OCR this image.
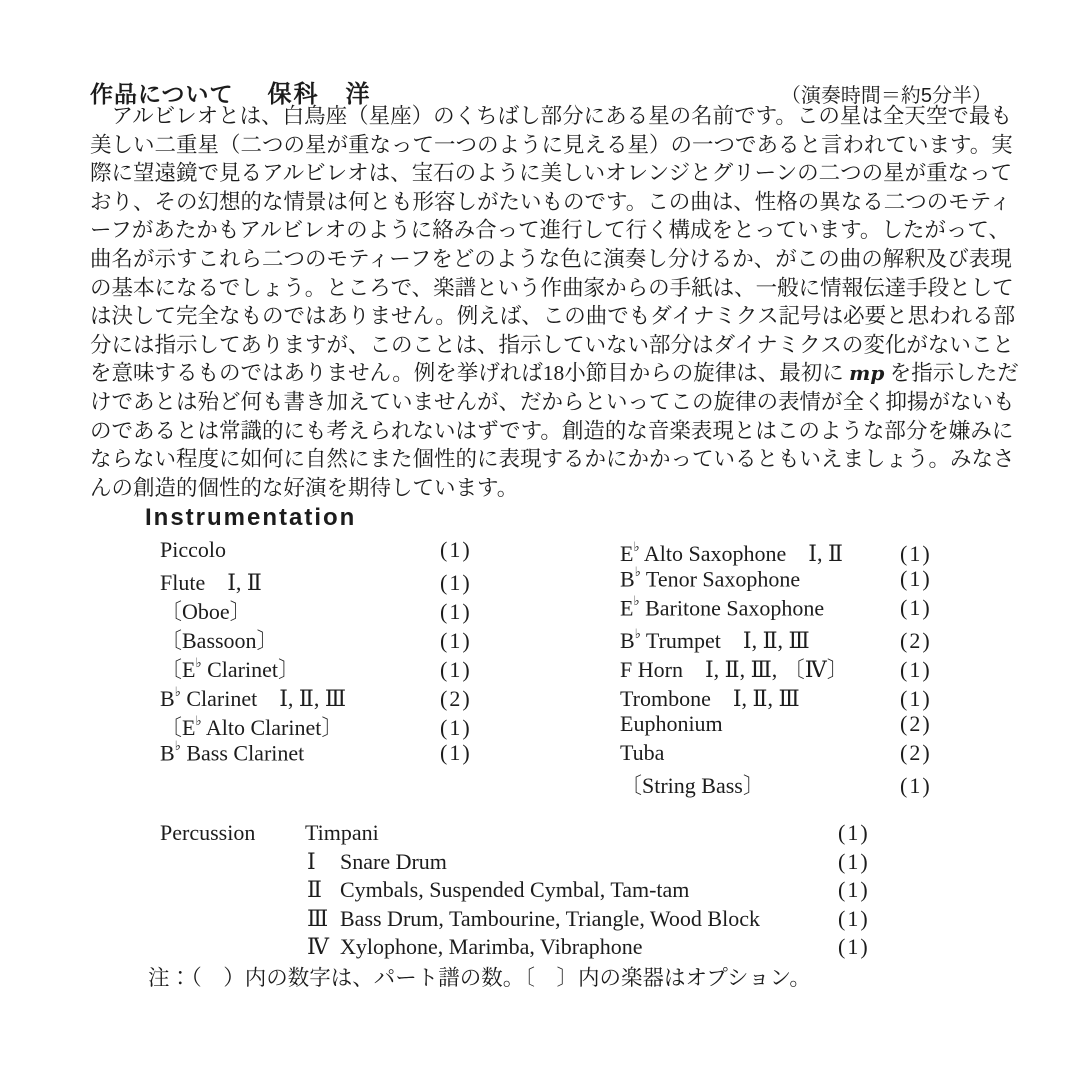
作品について 保科　洋	（演奏時間＝約5分半）
　アルビレオとは、白鳥座（星座）のくちばし部分にある星の名前です。この星は全天空で最も
美しい二重星（二つの星が重なって一つのように見える星）の一つであると言われています。実
際に望遠鏡で見るアルビレオは、宝石のように美しいオレンジとグリーンの二つの星が重なって
おり、その幻想的な情景は何とも形容しがたいものです。この曲は、性格の異なる二つのモティ
ーフがあたかもアルビレオのように絡み合って進行して行く構成をとっています。したがって、
曲名が示すこれら二つのモティーフをどのような色に演奏し分けるか、がこの曲の解釈及び表現
の基本になるでしょう。ところで、楽譜という作曲家からの手紙は、一般に情報伝達手段として
は決して完全なものではありません。例えば、この曲でもダイナミクス記号は必要と思われる部
分には指示してありますが、このことは、指示していない部分はダイナミクスの変化がないこと
を意味するものではありません。例を挙げれば18小節目からの旋律は、最初に mp を指示しただ
けであとは殆ど何も書き加えていませんが、だからといってこの旋律の表情が全く抑揚がないも
のであるとは常識的にも考えられないはずです。創造的な音楽表現とはこのような部分を嫌みに
ならない程度に如何に自然にまた個性的に表現するかにかかっているともいえましょう。みなさ
んの創造的個性的な好演を期待しています。
Instrumentation
Piccolo	(1)
Flute　Ⅰ, Ⅱ	(1)
〔Oboe〕	(1)
〔Bassoon〕	(1)
〔E♭ Clarinet〕	(1)
B♭ Clarinet　Ⅰ, Ⅱ, Ⅲ	(2)
〔E♭ Alto Clarinet〕	(1)
B♭ Bass Clarinet	(1)
E♭ Alto Saxophone　Ⅰ, Ⅱ	(1)
B♭ Tenor Saxophone	(1)
E♭ Baritone Saxophone	(1)
B♭ Trumpet　Ⅰ, Ⅱ, Ⅲ	(2)
F Horn　Ⅰ, Ⅱ, Ⅲ, 〔Ⅳ〕	(1)
Trombone　Ⅰ, Ⅱ, Ⅲ	(1)
Euphonium	(2)
Tuba	(2)
〔String Bass〕	(1)
Percussion Timpani	(1)
Ⅰ Snare Drum	(1)
Ⅱ Cymbals, Suspended Cymbal, Tam-tam	(1)
Ⅲ Bass Drum, Tambourine, Triangle, Wood Block	(1)
Ⅳ Xylophone, Marimba, Vibraphone	(1)
注：（　）内の数字は、パート譜の数。〔　〕内の楽器はオプション。
